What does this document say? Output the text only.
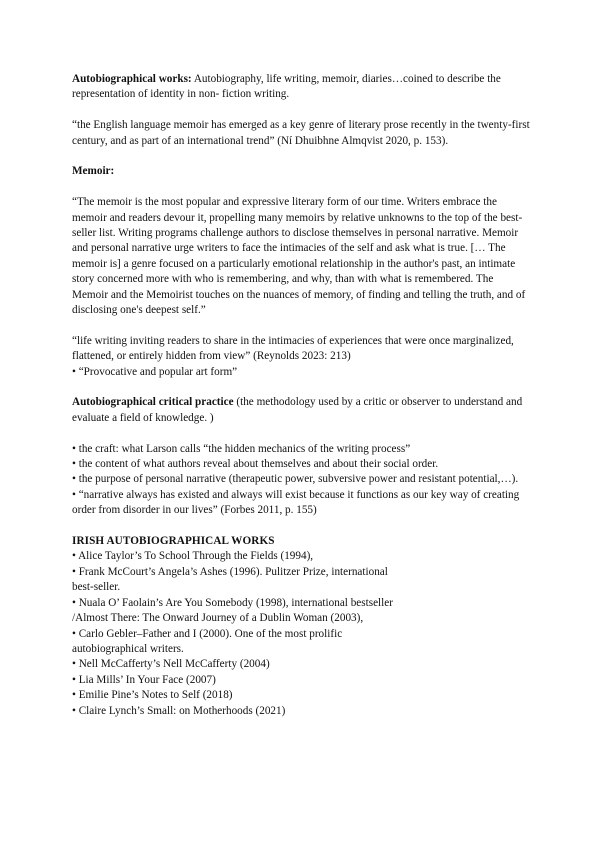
Autobiographical works: Autobiography, life writing, memoir, diaries…coined to describe the representation of identity in non- fiction writing.

“the English language memoir has emerged as a key genre of literary prose recently in the twenty-first century, and as part of an international trend” (Ní Dhuibhne Almqvist 2020, p. 153).

Memoir:

“The memoir is the most popular and expressive literary form of our time. Writers embrace the memoir and readers devour it, propelling many memoirs by relative unknowns to the top of the best-seller list. Writing programs challenge authors to disclose themselves in personal narrative. Memoir and personal narrative urge writers to face the intimacies of the self and ask what is true. [… The memoir is] a genre focused on a particularly emotional relationship in the author's past, an intimate story concerned more with who is remembering, and why, than with what is remembered. The Memoir and the Memoirist touches on the nuances of memory, of finding and telling the truth, and of disclosing one's deepest self.”

“life writing inviting readers to share in the intimacies of experiences that were once marginalized, flattened, or entirely hidden from view” (Reynolds 2023: 213)

• “Provocative and popular art form”

Autobiographical critical practice (the methodology used by a critic or observer to understand and evaluate a field of knowledge. )

• the craft: what Larson calls “the hidden mechanics of the writing process”

• the content of what authors reveal about themselves and about their social order.

• the purpose of personal narrative (therapeutic power, subversive power and resistant potential,…).

• “narrative always has existed and always will exist because it functions as our key way of creating order from disorder in our lives” (Forbes 2011, p. 155)

IRISH AUTOBIOGRAPHICAL WORKS

• Alice Taylor’s To School Through the Fields (1994),

• Frank McCourt’s Angela’s Ashes (1996). Pulitzer Prize, international

best-seller.

• Nuala O’ Faolain’s Are You Somebody (1998), international bestseller

/Almost There: The Onward Journey of a Dublin Woman (2003),

• Carlo Gebler–Father and I (2000). One of the most prolific

autobiographical writers.

• Nell McCafferty’s Nell McCafferty (2004)

• Lia Mills’ In Your Face (2007)

• Emilie Pine’s Notes to Self (2018)

• Claire Lynch’s Small: on Motherhoods (2021)
